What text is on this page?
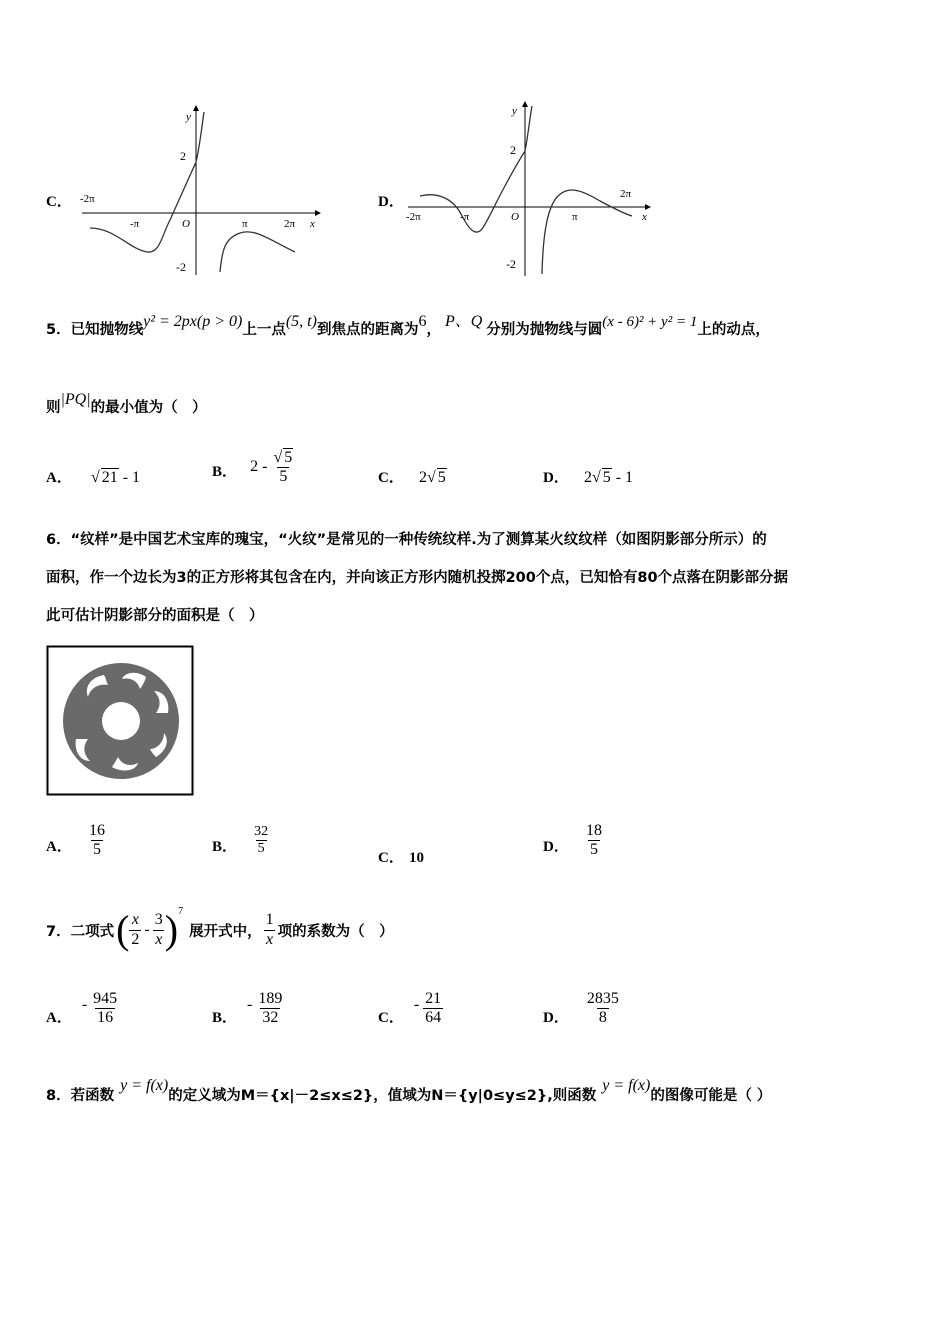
C．
y
x
2
-2
O
-π	π	2π
-2π	D．
y
x
2
-2
O
-π	π
2π
-2π
5．已知抛物线y² = 2px(p > 0)上一点(5, t)到焦点的距离为6， P、Q 分别为抛物线与圆(x - 6)² + y² = 1上的动点，
则|PQ|的最小值为（　）
A． √ 21 - 1	B． $2 - \frac{√ 5}{5}$	C． 2√ 5	D． 2√ 5 - 1
6．“纹样”是中国艺术宝库的瑰宝，“火纹”是常见的一种传统纹样.为了测算某火纹纹样（如图阴影部分所示）的
面积，作一个边长为3的正方形将其包含在内，并向该正方形内随机投掷200个点，已知恰有80个点落在阴影部分据
此可估计阴影部分的面积是（　）
A． $\frac{16}{5}$	B． $\frac{32}{5}$
C． 10
D． $\frac{18}{5}$
7．二项式 ( $\frac{x}{2} - \frac{3}{x}$ ) 7
展开式中， $\frac{1}{x}$ 项的系数为（　）
A．
- $\frac{945}{16}$	B．
- $\frac{189}{32}$	C．
- $\frac{21}{64}$	D． $\frac{2835}{8}$
8．若函数y = f(x)的定义域为M＝{x|－2≤x≤2}，值域为N＝{y|0≤y≤2},则函数y = f(x)的图像可能是（ ）
